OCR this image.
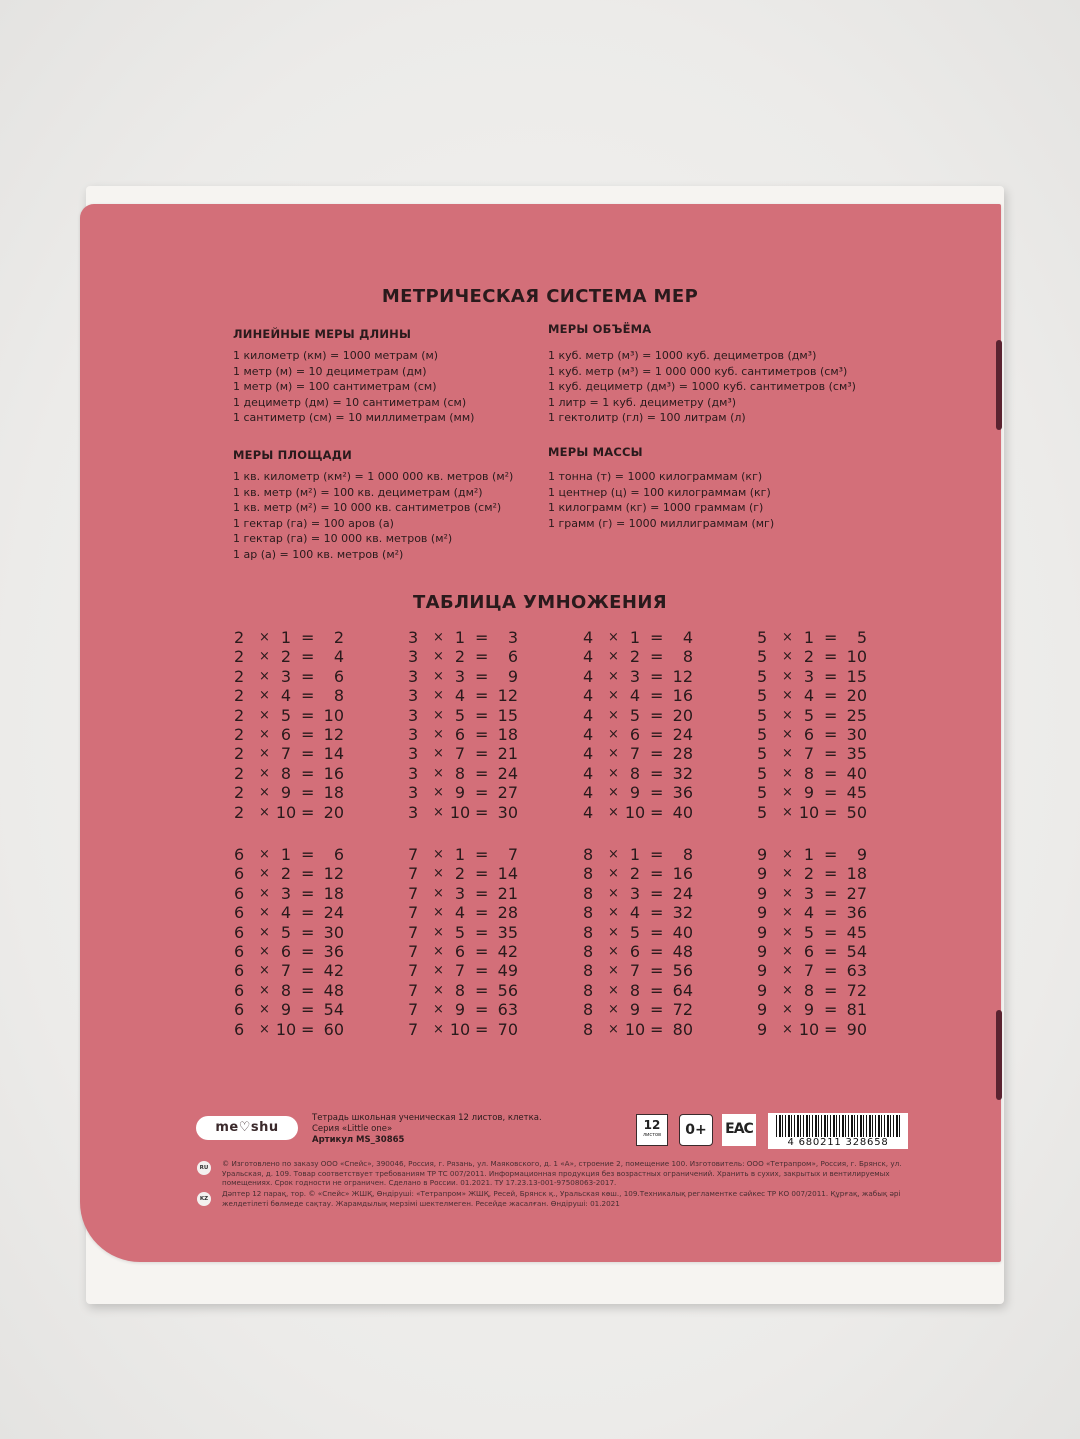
МЕТРИЧЕСКАЯ СИСТЕМА МЕР
ЛИНЕЙНЫЕ МЕРЫ ДЛИНЫ
1 километр (км) = 1000 метрам (м)
1 метр (м) = 10 дециметрам (дм)
1 метр (м) = 100 сантиметрам (см)
1 дециметр (дм) = 10 сантиметрам (см)
1 сантиметр (см) = 10 миллиметрам (мм)
МЕРЫ ОБЪЁМА
1 куб. метр (м³) = 1000 куб. дециметров (дм³)
1 куб. метр (м³) = 1 000 000 куб. сантиметров (см³)
1 куб. дециметр (дм³) = 1000 куб. сантиметров (см³)
1 литр = 1 куб. дециметру (дм³)
1 гектолитр (гл) = 100 литрам (л)
МЕРЫ ПЛОЩАДИ
1 кв. километр (км²) = 1 000 000 кв. метров (м²)
1 кв. метр (м²) = 100 кв. дециметрам (дм²)
1 кв. метр (м²) = 10 000 кв. сантиметров (см²)
1 гектар (га) = 100 аров (а)
1 гектар (га) = 10 000 кв. метров (м²)
1 ар (а) = 100 кв. метров (м²)
МЕРЫ МАССЫ
1 тонна (т) = 1000 килограммам (кг)
1 центнер (ц) = 100 килограммам (кг)
1 килограмм (кг) = 1000 граммам (г)
1 грамм (г) = 1000 миллиграммам (мг)
ТАБЛИЦА УМНОЖЕНИЯ
2 × 1 =	2
2 × 2 =	4
2 × 3 =	6
2 × 4 =	8
2 × 5 = 10
2 × 6 = 12
2 × 7 = 14
2 × 8 = 16
2 × 9 = 18
2 × 10 = 20
3 × 1 =	3
3 × 2 =	6
3 × 3 =	9
3 × 4 = 12
3 × 5 = 15
3 × 6 = 18
3 × 7 = 21
3 × 8 = 24
3 × 9 = 27
3 × 10 = 30
4 × 1 =	4
4 × 2 =	8
4 × 3 = 12
4 × 4 = 16
4 × 5 = 20
4 × 6 = 24
4 × 7 = 28
4 × 8 = 32
4 × 9 = 36
4 × 10 = 40
5 × 1 =	5
5 × 2 = 10
5 × 3 = 15
5 × 4 = 20
5 × 5 = 25
5 × 6 = 30
5 × 7 = 35
5 × 8 = 40
5 × 9 = 45
5 × 10 = 50
6 × 1 =	6
6 × 2 = 12
6 × 3 = 18
6 × 4 = 24
6 × 5 = 30
6 × 6 = 36
6 × 7 = 42
6 × 8 = 48
6 × 9 = 54
6 × 10 = 60
7 × 1 =	7
7 × 2 = 14
7 × 3 = 21
7 × 4 = 28
7 × 5 = 35
7 × 6 = 42
7 × 7 = 49
7 × 8 = 56
7 × 9 = 63
7 × 10 = 70
8 × 1 =	8
8 × 2 = 16
8 × 3 = 24
8 × 4 = 32
8 × 5 = 40
8 × 6 = 48
8 × 7 = 56
8 × 8 = 64
8 × 9 = 72
8 × 10 = 80
9 × 1 =	9
9 × 2 = 18
9 × 3 = 27
9 × 4 = 36
9 × 5 = 45
9 × 6 = 54
9 × 7 = 63
9 × 8 = 72
9 × 9 = 81
9 × 10 = 90
me♡shu
Тетрадь школьная ученическая 12 листов, клетка.
Серия «Little one»
Артикул MS_30865
12
листов	0+	EAC
4 680211 328658
RU	© Изготовлено по заказу ООО «Спейс», 390046, Россия, г. Рязань, ул. Маяковского, д. 1 «А», строение 2, помещение 100. Изготовитель: ООО «Тетрапром», Россия, г. Брянск, ул. Уральская, д. 109. Товар соответствует требованиям ТР ТС 007/2011. Информационная продукция без возрастных ограничений. Хранить в сухих, закрытых и вентилируемых помещениях. Срок годности не ограничен. Сделано в России. 01.2021. ТУ 17.23.13-001-97508063-2017.
KZ
Дәптер 12 парақ, тор. © «Спейс» ЖШҚ, Өндіруші: «Тетрапром» ЖШҚ, Ресей, Брянск қ., Уральская көш., 109.Техникалық регламентке сәйкес ТР КО 007/2011. Құрғақ, жабық әрі желдетілеті бөлмеде сақтау. Жарамдылық мерзімі шектелмеген. Ресейде жасалған. Өндіруші: 01.2021
